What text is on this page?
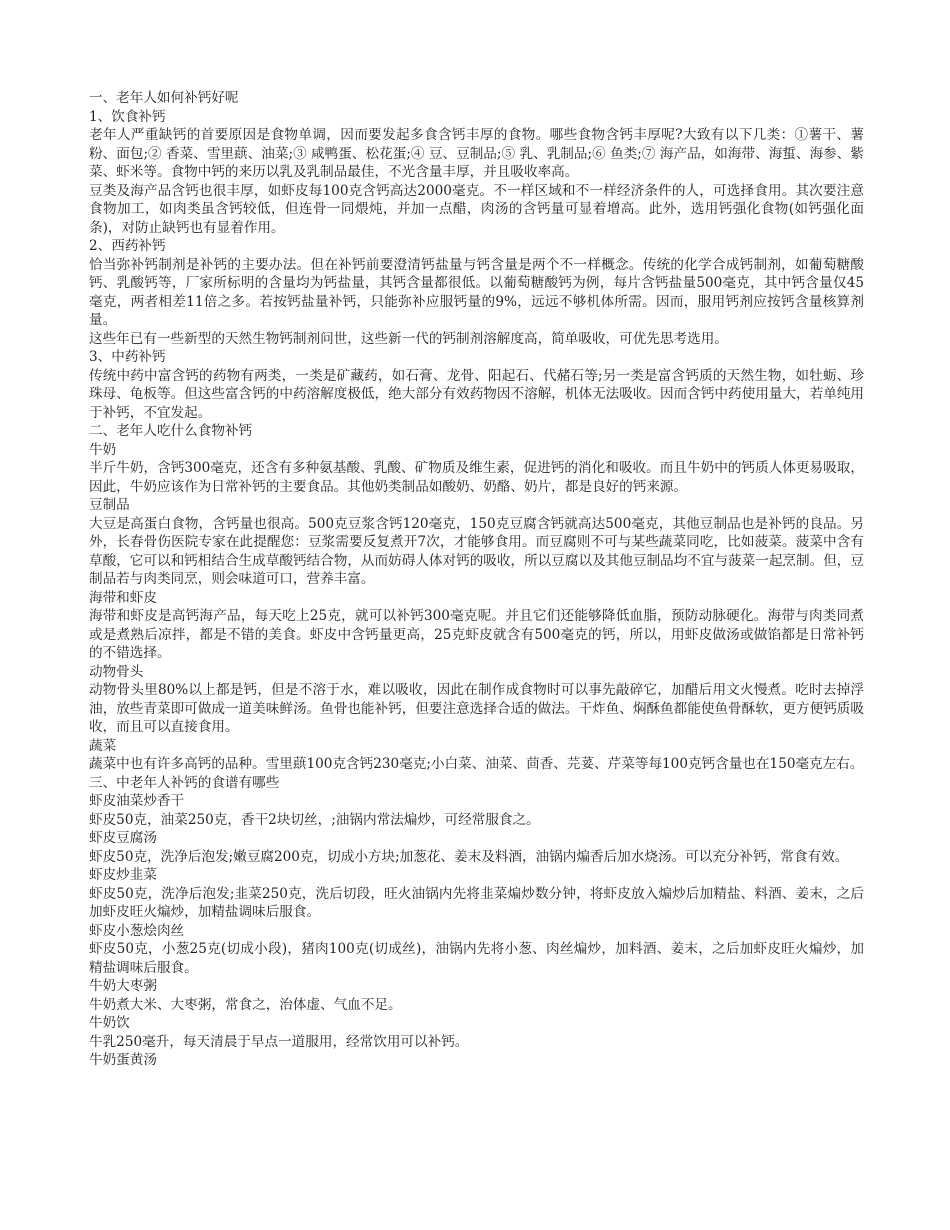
一、老年人如何补钙好呢

1、饮食补钙

老年人严重缺钙的首要原因是食物单调，因而要发起多食含钙丰厚的食物。哪些食物含钙丰厚呢?大致有以下几类：①薯干、薯粉、面包;② 香菜、雪里蕻、油菜;③ 咸鸭蛋、松花蛋;④ 豆、豆制品;⑤ 乳、乳制品;⑥ 鱼类;⑦ 海产品，如海带、海蜇、海参、紫菜、虾米等。食物中钙的来历以乳及乳制品最佳，不光含量丰厚，并且吸收率高。

豆类及海产品含钙也很丰厚，如虾皮每100克含钙高达2000毫克。不一样区域和不一样经济条件的人，可选择食用。其次要注意食物加工，如肉类虽含钙较低，但连骨一同煨炖，并加一点醋，肉汤的含钙量可显着增高。此外，选用钙强化食物(如钙强化面条)，对防止缺钙也有显着作用。

2、西药补钙

恰当弥补钙制剂是补钙的主要办法。但在补钙前要澄清钙盐量与钙含量是两个不一样概念。传统的化学合成钙制剂，如葡萄糖酸钙、乳酸钙等，厂家所标明的含量均为钙盐量，其钙含量都很低。以葡萄糖酸钙为例，每片含钙盐量500毫克，其中钙含量仅45毫克，两者相差11倍之多。若按钙盐量补钙，只能弥补应服钙量的9%，远远不够机体所需。因而，服用钙剂应按钙含量核算剂量。

这些年已有一些新型的天然生物钙制剂问世，这些新一代的钙制剂溶解度高，简单吸收，可优先思考选用。

3、中药补钙

传统中药中富含钙的药物有两类，一类是矿藏药，如石膏、龙骨、阳起石、代赭石等;另一类是富含钙质的天然生物，如牡蛎、珍珠母、龟板等。但这些富含钙的中药溶解度极低，绝大部分有效药物因不溶解，机体无法吸收。因而含钙中药使用量大，若单纯用于补钙，不宜发起。

二、老年人吃什么食物补钙

牛奶

半斤牛奶，含钙300毫克，还含有多种氨基酸、乳酸、矿物质及维生素，促进钙的消化和吸收。而且牛奶中的钙质人体更易吸取，因此，牛奶应该作为日常补钙的主要食品。其他奶类制品如酸奶、奶酪、奶片，都是良好的钙来源。

豆制品

大豆是高蛋白食物，含钙量也很高。500克豆浆含钙120毫克，150克豆腐含钙就高达500毫克，其他豆制品也是补钙的良品。另外，长春骨伤医院专家在此提醒您：豆浆需要反复煮开7次，才能够食用。而豆腐则不可与某些蔬菜同吃，比如菠菜。菠菜中含有草酸，它可以和钙相结合生成草酸钙结合物，从而妨碍人体对钙的吸收，所以豆腐以及其他豆制品均不宜与菠菜一起烹制。但，豆制品若与肉类同烹，则会味道可口，营养丰富。

海带和虾皮

海带和虾皮是高钙海产品，每天吃上25克，就可以补钙300毫克呢。并且它们还能够降低血脂，预防动脉硬化。海带与肉类同煮或是煮熟后凉拌，都是不错的美食。虾皮中含钙量更高，25克虾皮就含有500毫克的钙，所以，用虾皮做汤或做馅都是日常补钙的不错选择。

动物骨头

动物骨头里80%以上都是钙，但是不溶于水，难以吸收，因此在制作成食物时可以事先敲碎它，加醋后用文火慢煮。吃时去掉浮油，放些青菜即可做成一道美味鲜汤。鱼骨也能补钙，但要注意选择合适的做法。干炸鱼、焖酥鱼都能使鱼骨酥软，更方便钙质吸收，而且可以直接食用。

蔬菜

蔬菜中也有许多高钙的品种。雪里蕻100克含钙230毫克;小白菜、油菜、茴香、芫荽、芹菜等每100克钙含量也在150毫克左右。

三、中老年人补钙的食谱有哪些

虾皮油菜炒香干

虾皮50克，油菜250克，香干2块切丝，;油锅内常法煸炒，可经常服食之。

虾皮豆腐汤

虾皮50克，洗净后泡发;嫩豆腐200克，切成小方块;加葱花、姜末及料酒，油锅内煸香后加水烧汤。可以充分补钙，常食有效。

虾皮炒韭菜

虾皮50克，洗净后泡发;韭菜250克，洗后切段，旺火油锅内先将韭菜煸炒数分钟，将虾皮放入煸炒后加精盐、料酒、姜末，之后加虾皮旺火煸炒，加精盐调味后服食。

虾皮小葱烩肉丝

虾皮50克，小葱25克(切成小段)，猪肉100克(切成丝)，油锅内先将小葱、肉丝煸炒，加料酒、姜末，之后加虾皮旺火煸炒，加精盐调味后服食。

牛奶大枣粥

牛奶煮大米、大枣粥，常食之，治体虚、气血不足。

牛奶饮

牛乳250毫升，每天清晨于早点一道服用，经常饮用可以补钙。

牛奶蛋黄汤
